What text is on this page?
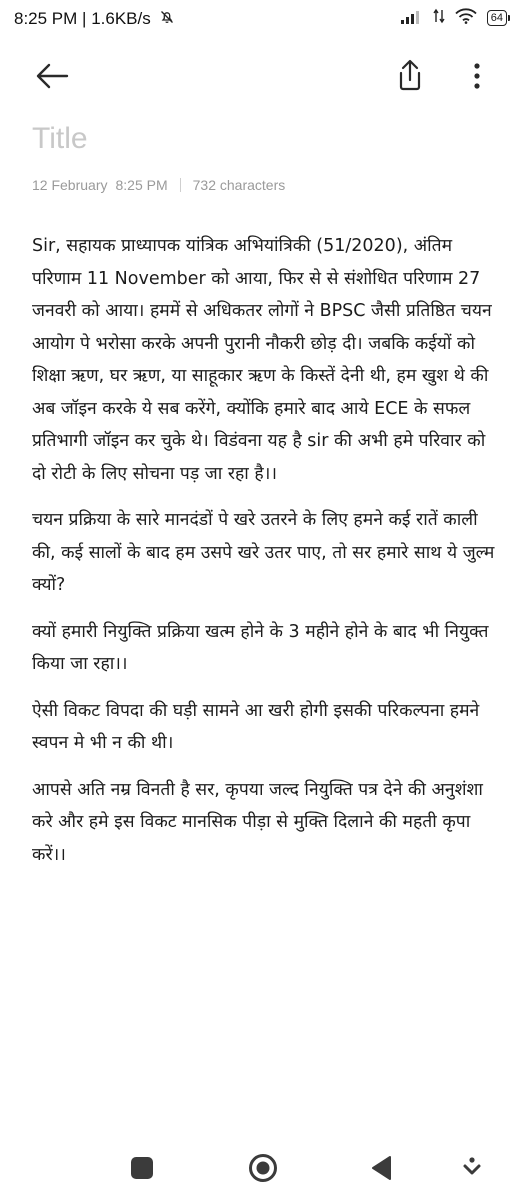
8:25 PM | 1.6KB/s	64
Title
12 February 8:25 PM 732 characters

Sir, सहायक प्राध्यापक यांत्रिक अभियांत्रिकी (51/2020), अंतिम परिणाम 11 November को आया, फिर से से संशोधित परिणाम 27 जनवरी को आया। हममें से अधिकतर लोगों ने BPSC जैसी प्रतिष्ठित चयन आयोग पे भरोसा करके अपनी पुरानी नौकरी छोड़ दी। जबकि कईयों को शिक्षा ऋण, घर ऋण, या साहूकार ऋण के किस्तें देनी थी, हम खुश थे की अब जॉइन करके ये सब करेंगे, क्योंकि हमारे बाद आये ECE के सफल प्रतिभागी जॉइन कर चुके थे। विडंवना यह है sir की अभी हमे परिवार को दो रोटी के लिए सोचना पड़ जा रहा है।।

चयन प्रक्रिया के सारे मानदंडों पे खरे उतरने के लिए हमने कई रातें काली की, कई सालों के बाद हम उसपे खरे उतर पाए, तो सर हमारे साथ ये जुल्म क्यों?

क्यों हमारी नियुक्ति प्रक्रिया खत्म होने के 3 महीने होने के बाद भी नियुक्त किया जा रहा।।

ऐसी विकट विपदा की घड़ी सामने आ खरी होगी इसकी परिकल्पना हमने स्वपन मे भी न की थी।

आपसे अति नम्र विनती है सर, कृपया जल्द नियुक्ति पत्र देने की अनुशंशा करे और हमे इस विकट मानसिक पीड़ा से मुक्ति दिलाने की महती कृपा करें।।
